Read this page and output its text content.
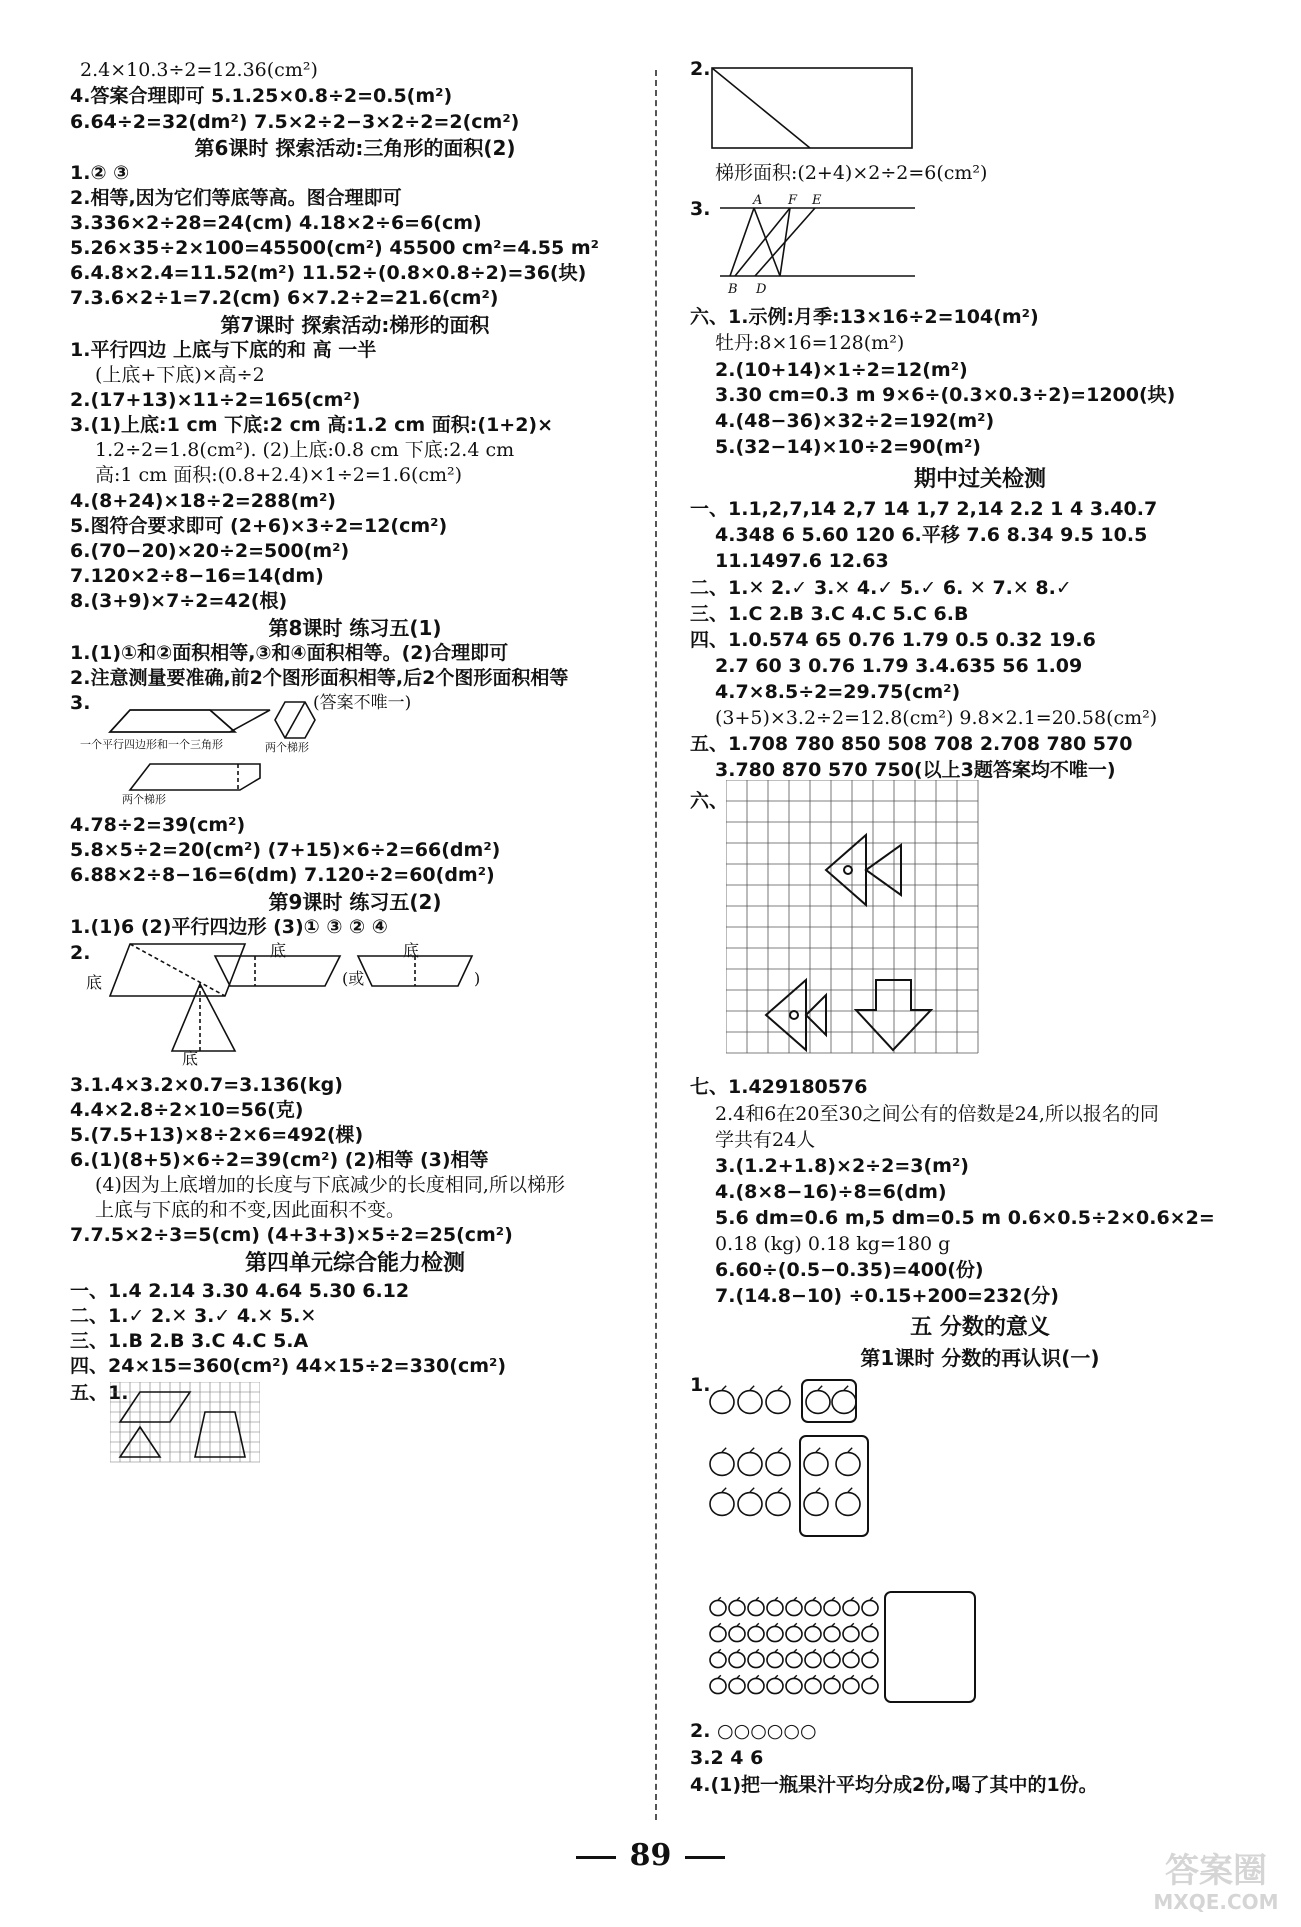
2.4×10.3÷2=12.36(cm²)
4.答案合理即可 5.1.25×0.8÷2=0.5(m²)
6.64÷2=32(dm²) 7.5×2÷2−3×2÷2=2(cm²)
第6课时 探索活动:三角形的面积(2)
1.② ③
2.相等,因为它们等底等高。图合理即可
3.336×2÷28=24(cm) 4.18×2÷6=6(cm)
5.26×35÷2×100=45500(cm²) 45500 cm²=4.55 m²
6.4.8×2.4=11.52(m²) 11.52÷(0.8×0.8÷2)=36(块)
7.3.6×2÷1=7.2(cm) 6×7.2÷2=21.6(cm²)
第7课时 探索活动:梯形的面积
1.平行四边 上底与下底的和 高 一半
(上底+下底)×高÷2
2.(17+13)×11÷2=165(cm²)
3.(1)上底:1 cm 下底:2 cm 高:1.2 cm 面积:(1+2)×
1.2÷2=1.8(cm²). (2)上底:0.8 cm 下底:2.4 cm
高:1 cm 面积:(0.8+2.4)×1÷2=1.6(cm²)
4.(8+24)×18÷2=288(m²)
5.图符合要求即可 (2+6)×3÷2=12(cm²)
6.(70−20)×20÷2=500(m²)
7.120×2÷8−16=14(dm)
8.(3+9)×7÷2=42(根)
第8课时 练习五(1)
1.(1)①和②面积相等,③和④面积相等。(2)合理即可
2.注意测量要准确,前2个图形面积相等,后2个图形面积相等
3.	(答案不唯一)
一个平行四边形和一个三角形	两个梯形
两个梯形
4.78÷2=39(cm²)
5.8×5÷2=20(cm²) (7+15)×6÷2=66(dm²)
6.88×2÷8−16=6(dm) 7.120÷2=60(dm²)
第9课时 练习五(2)
1.(1)6 (2)平行四边形 (3)① ③ ② ④
2.
底
底
(或	)
底
底
3.1.4×3.2×0.7=3.136(kg)
4.4×2.8÷2×10=56(克)
5.(7.5+13)×8÷2×6=492(棵)
6.(1)(8+5)×6÷2=39(cm²) (2)相等 (3)相等
(4)因为上底增加的长度与下底减少的长度相同,所以梯形
上底与下底的和不变,因此面积不变。
7.7.5×2÷3=5(cm) (4+3+3)×5÷2=25(cm²)
第四单元综合能力检测
一、1.4 2.14 3.30 4.64 5.30 6.12
二、1.✓ 2.✕ 3.✓ 4.✕ 5.✕
三、1.B 2.B 3.C 4.C 5.A
四、24×15=360(cm²) 44×15÷2=330(cm²)
五、1.
2.
梯形面积:(2+4)×2÷2=6(cm²)
3.	A F E
B D
六、1.示例:月季:13×16÷2=104(m²)
牡丹:8×16=128(m²)
2.(10+14)×1÷2=12(m²)
3.30 cm=0.3 m 9×6÷(0.3×0.3÷2)=1200(块)
4.(48−36)×32÷2=192(m²)
5.(32−14)×10÷2=90(m²)
期中过关检测
一、1.1,2,7,14 2,7 14 1,7 2,14 2.2 1 4 3.40.7
4.348 6 5.60 120 6.平移 7.6 8.34 9.5 10.5
11.1497.6 12.63
二、1.✕ 2.✓ 3.✕ 4.✓ 5.✓ 6. ✕ 7.✕ 8.✓
三、1.C 2.B 3.C 4.C 5.C 6.B
四、1.0.574 65 0.76 1.79 0.5 0.32 19.6
2.7 60 3 0.76 1.79 3.4.635 56 1.09
4.7×8.5÷2=29.75(cm²)
(3+5)×3.2÷2=12.8(cm²) 9.8×2.1=20.58(cm²)
五、1.708 780 850 508 708 2.708 780 570
3.780 870 570 750(以上3题答案均不唯一)
六、
七、1.429180576
2.4和6在20至30之间公有的倍数是24,所以报名的同
学共有24人
3.(1.2+1.8)×2÷2=3(m²)
4.(8×8−16)÷8=6(dm)
5.6 dm=0.6 m,5 dm=0.5 m 0.6×0.5÷2×0.6×2=
0.18 (kg) 0.18 kg=180 g
6.60÷(0.5−0.35)=400(份)
7.(14.8−10) ÷0.15+200=232(分)
五 分数的意义
第1课时 分数的再认识(一)
1.
2. ○○○○○○
3.2 4 6
4.(1)把一瓶果汁平均分成2份,喝了其中的1份。
89	答案圈
MXQE.COM
